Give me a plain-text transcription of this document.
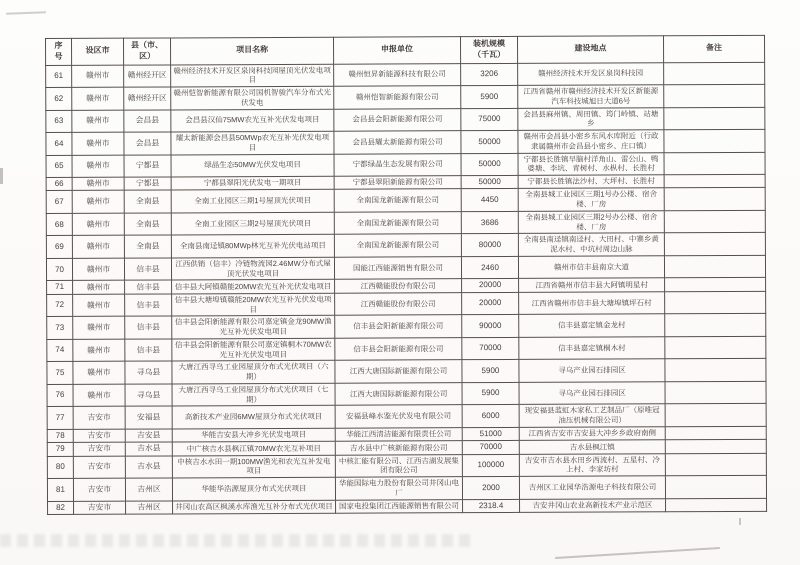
序号	设区市	县（市、区）	项目名称	申报单位	装机规模（千瓦）	建设地点	备注
61	赣州市	赣州经开区	赣州经济技术开发区泉岗科技园屋顶光伏发电项目	赣州恒昇新能源科技有限公司	3206	赣州经济技术开发区泉岗科技园	
62	赣州市	赣州经开区	赣州恺智新能源有限公司国机智骏汽车分布式光伏发电	赣州恺智新能源有限公司	5900	江西省赣州市赣州经济技术开发区新能源汽车科技城旭日大道6号	
63	赣州市	会昌县	会昌县汉仙75MW农光互补光伏发电项目	会昌县会阳新能源有限公司	75000	会昌县麻州镇、周田镇、筠门岭镇、站塘乡	
64	赣州市	会昌县	耀太新能源会昌县50MWp农光互补光伏发电项目	会昌县耀太新能源有限公司	50000	赣州市会昌县小密乡东风水库附近（行政隶属赣州市会昌县小密乡、庄口镇）	
65	赣州市	宁都县	绿晶生态50MW光伏发电项目	宁都绿晶生态发展有限公司	50000	宁都县长胜镇早脑村洋角山、雷公山、鸭婆塘、李坑、青树村、水枞村、长胜村	
66	赣州市	宁都县	宁都县翠阳光伏发电一期项目	宁都县翠阳新能源有限公司	50000	宁都县长胜镇法沙村、大坪村、长胜村	
67	赣州市	全南县	全南工业园区三期1号屋顶光伏项目	全南国龙新能源有限公司	4450	全南县城工业园区三期1号办公楼、宿舍楼、厂房	
68	赣州市	全南县	全南工业园区三期2号屋顶光伏项目	全南国龙新能源有限公司	3686	全南县城工业园区三期2号办公楼、宿舍楼、厂房	
69	赣州市	全南县	全南县南迳镇80MWp林光互补光伏电站项目	全南国龙新能源有限公司	80000	全南县南迳镇南迳村、大田村、中寨乡黄泥水村、中坑村周边山脉	
70	赣州市	信丰县	江西供销（信丰）冷链物流园2.46MW分布式屋顶光伏发电项目	国能江西能源销售有限公司	2460	赣州市信丰县南京大道	
71	赣州市	信丰县	信丰县大阿镇赣能20MW农光互补光伏发电项目	江西赣能股份有限公司	20000	江西省赣州市信丰县大阿镇明星村	
72	赣州市	信丰县	信丰县大塘埠镇赣能20MW农光互补光伏发电项目	江西赣能股份有限公司	20000	江西省赣州市信丰县大塘埠镇坪石村	
73	赣州市	信丰县	信丰县会阳新能源有限公司嘉定镇金龙90MW渔光互补光伏发电项目	信丰县会阳新能源有限公司	90000	信丰县嘉定镇金龙村	
74	赣州市	信丰县	信丰县会阳新能源有限公司嘉定镇桐木70MW农光互补光伏发电项目	信丰县会阳新能源有限公司	70000	信丰县嘉定镇桐木村	
75	赣州市	寻乌县	大唐江西寻乌工业园屋顶分布式光伏项目（六期）	江西大唐国际新能源有限公司	5900	寻乌产业园石排园区	
76	赣州市	寻乌县	大唐江西寻乌工业园屋顶分布式光伏项目（七期）	江西大唐国际新能源有限公司	5900	寻乌产业园石排园区	
77	吉安市	安福县	高新技术产业园6MW屋顶分布式光伏项目	安福县峰水鉴光伏发电有限公司	6000	现安福县蓝虹木家私工艺制品厂（原唯冠油压机械有限公司）	
78	吉安市	吉安县	华能吉安县大冲乡光伏发电项目	华能江西清洁能源有限责任公司	51000	江西省吉安市吉安县大冲乡乡政府南侧	
79	吉安市	吉水县	中广核吉水县枫江镇70MW农光互补项目	吉水县中广核新能源有限公司	70000	吉水县枫江镇	
80	吉安市	吉水县	中核吉水水田一期100MW渔光和农光互补发电项目	中核汇能有限公司、江西吉湖发展集团有限公司	100000	吉安市吉水县水田乡西流村、五星村、冷上村、李家坊村	
81	吉安市	吉州区	华能华浩源屋顶分布式光伏项目	华能国际电力股份有限公司井冈山电厂	2000	吉州区工业园华浩源电子科技有限公司	
82	吉安市	吉州区	井冈山农高区枫溪水库渔光互补分布式光伏项目	国家电投集团江西能源销售有限公司	2318.4	吉安井冈山农业高新技术产业示范区	
